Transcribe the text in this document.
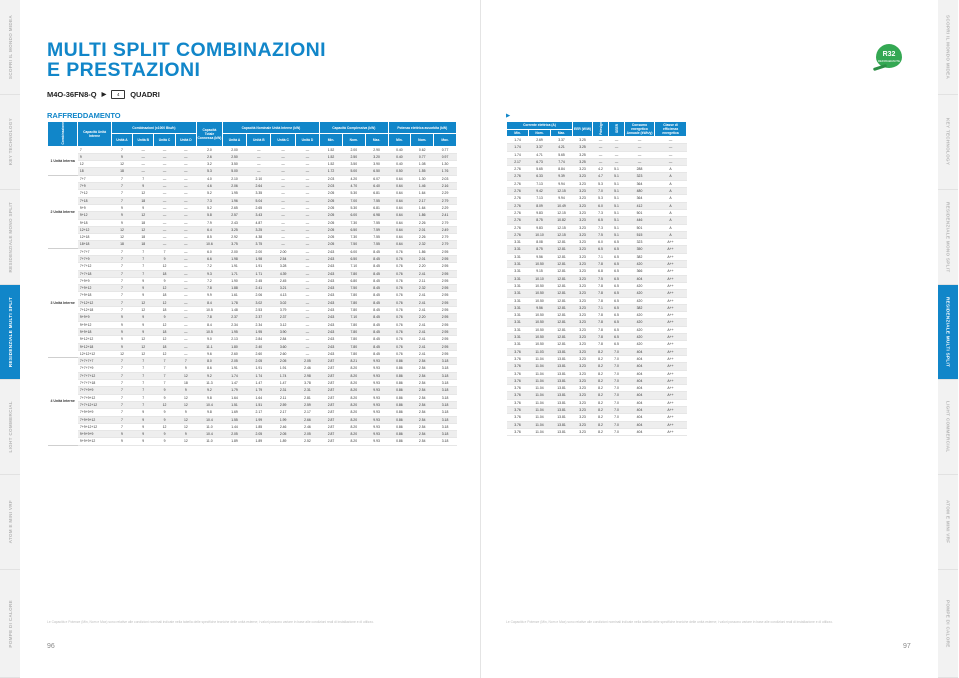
SCOPRI IL MONDO MIDEA
KEY TECHNOLOGY
RESIDENZIALE MONO SPLIT
RESIDENZIALE MULTI SPLIT
LIGHT COMMERCIAL
ATOM E MINI VRF
POMPE DI CALORE
MULTI SPLIT COMBINAZIONI
E PRESTAZIONI
M4O-36FN8-Q ▶	4	QUADRI
RAFFREDDAMENTO
Combinazione	Capacità Unità Interne	Combinazioni (x1000 Btu/h)				Capacità Totale Connessa (kW)	Capacità Nominale Unità Interne (kW)				Capacità Complessiva (kW)			Potenza elettrica assorbita (kW)		
		Unità A	Unità B	Unità C	Unità D		Unità A	Unità B	Unità C	Unità D	Min.	Nom.	Max.	Min.	Nom.	Max.
1 Unità Interna	7	7	—	—	—	2.0	2.00	—	—	—	1.52	2.00	2.90	0.40	0.62	0.77
	9	9	—	—	—	2.6	2.50	—	—	—	1.52	2.50	3.20	0.40	0.77	0.97
	12	12	—	—	—	3.2	3.50	—	—	—	1.52	3.50	3.90	0.40	1.08	1.30
	18	18	—	—	—	5.3	5.00	—	—	—	1.72	5.00	6.50	0.50	1.55	1.76
2 Unità Interne	7+7	7	7	—	—	4.0	2.10	2.10	—	—	2.03	4.20	6.07	0.64	1.30	2.03
	7+9	7	9	—	—	4.6	2.06	2.64	—	—	2.03	4.70	6.40	0.64	1.46	2.16
	7+12	7	12	—	—	5.2	1.95	3.35	—	—	2.05	5.30	6.81	0.64	1.64	2.29
	7+18	7	18	—	—	7.3	1.96	5.04	—	—	2.05	7.00	7.55	0.64	2.17	2.79
	9+9	9	9	—	—	5.2	2.65	2.65	—	—	2.05	5.30	6.81	0.64	1.64	2.29
	9+12	9	12	—	—	5.8	2.57	3.43	—	—	2.05	6.00	6.98	0.64	1.86	2.41
	9+18	9	18	—	—	7.9	2.43	4.87	—	—	2.05	7.30	7.55	0.64	2.26	2.79
	12+12	12	12	—	—	6.4	3.25	3.25	—	—	2.05	6.50	7.59	0.64	2.01	2.49
	12+18	12	18	—	—	8.5	2.92	4.38	—	—	2.05	7.30	7.55	0.64	2.26	2.79
	18+18	18	18	—	—	10.6	3.75	3.75	—	—	2.05	7.50	7.55	0.64	2.32	2.79
3 Unità Interne	7+7+7	7	7	7	—	6.0	2.00	2.00	2.00	—	2.63	6.00	8.45	0.76	1.86	2.95
	7+7+9	7	7	9	—	6.6	1.98	1.98	2.54	—	2.63	6.50	8.45	0.76	2.01	2.95
	7+7+12	7	7	12	—	7.2	1.91	1.91	3.28	—	2.63	7.10	8.45	0.76	2.20	2.95
	7+7+18	7	7	18	—	9.3	1.71	1.71	4.39	—	2.63	7.80	8.45	0.76	2.41	2.95
	7+9+9	7	9	9	—	7.2	1.90	2.45	2.45	—	2.63	6.80	8.45	0.76	2.11	2.95
	7+9+12	7	9	12	—	7.8	1.88	2.41	3.21	—	2.63	7.50	8.45	0.76	2.32	2.95
	7+9+18	7	9	18	—	9.9	1.61	2.06	4.13	—	2.63	7.80	8.45	0.76	2.41	2.95
	7+12+12	7	12	12	—	8.4	1.78	3.02	3.02	—	2.63	7.80	8.45	0.76	2.41	2.95
	7+12+18	7	12	18	—	10.5	1.48	2.53	3.79	—	2.63	7.80	8.45	0.76	2.41	2.95
	9+9+9	9	9	9	—	7.8	2.37	2.37	2.37	—	2.63	7.10	8.45	0.76	2.20	2.95
	9+9+12	9	9	12	—	8.4	2.34	2.34	3.12	—	2.63	7.80	8.45	0.76	2.41	2.95
	9+9+18	9	9	18	—	10.5	1.95	1.95	3.90	—	2.63	7.80	8.45	0.76	2.41	2.95
	9+12+12	9	12	12	—	9.0	2.13	2.84	2.84	—	2.63	7.80	8.45	0.76	2.41	2.95
	9+12+18	9	12	18	—	11.1	1.80	2.40	3.60	—	2.63	7.80	8.45	0.76	2.41	2.95
	12+12+12	12	12	12	—	9.6	2.60	2.60	2.60	—	2.63	7.80	8.45	0.76	2.41	2.95
4 Unità Interne	7+7+7+7	7	7	7	7	8.0	2.05	2.05	2.05	2.05	2.87	8.21	9.93	0.86	2.54	3.18
	7+7+7+9	7	7	7	9	8.6	1.91	1.91	1.91	2.46	2.87	8.20	9.93	0.86	2.54	3.18
	7+7+7+12	7	7	7	12	9.2	1.74	1.74	1.74	2.98	2.87	8.20	9.93	0.86	2.54	3.18
	7+7+7+18	7	7	7	18	11.3	1.47	1.47	1.47	3.78	2.87	8.20	9.93	0.86	2.54	3.18
	7+7+9+9	7	7	9	9	9.2	1.79	1.79	2.31	2.31	2.87	8.20	9.93	0.86	2.54	3.18
	7+7+9+12	7	7	9	12	9.8	1.64	1.64	2.11	2.81	2.87	8.20	9.93	0.86	2.54	3.18
	7+7+12+12	7	7	12	12	10.4	1.51	1.51	2.59	2.59	2.87	8.20	9.93	0.86	2.54	3.18
	7+9+9+9	7	9	9	9	9.8	1.69	2.17	2.17	2.17	2.87	8.20	9.93	0.86	2.54	3.18
	7+9+9+12	7	9	9	12	10.4	1.55	1.99	1.99	2.66	2.87	8.20	9.93	0.86	2.54	3.18
	7+9+12+12	7	9	12	12	11.0	1.44	1.85	2.46	2.46	2.87	8.20	9.93	0.86	2.54	3.18
	9+9+9+9	9	9	9	9	10.4	2.05	2.05	2.05	2.05	2.87	8.20	9.93	0.86	2.54	3.18
	9+9+9+12	9	9	9	12	11.0	1.89	1.89	1.89	2.52	2.87	8.20	9.93	0.86	2.54	3.18
Le Capacità e Potenze (Min, Nom e Max) sono relative alle condizioni nominali indicate nella tabella delle specifiche tecniche delle unità esterne; i valori possono variare in base alle condizioni reali di installazione e di utilizzo.
96
R32
REFRIGERANTE
▶
Corrente elettrica (A)			EER (W/W)	Pdesign	SEER	Consumo energetico Annuale (kWh/y)	Classe di efficienza energetica
Min.	Nom.	Max.					
1.74	2.69	3.37	3.25	—	—	—	—
1.74	3.37	4.21	3.25	—	—	—	—
1.74	4.71	5.65	3.25	—	—	—	—
2.17	6.73	7.74	3.25	—	—	—	—
2.76	5.65	8.84	3.23	4.2	5.1	288	A
2.76	6.33	9.39	3.23	4.7	5.1	323	A
2.76	7.13	9.94	3.23	5.3	5.1	364	A
2.76	9.42	12.15	3.23	7.0	5.1	480	A
2.76	7.13	9.94	3.23	5.3	5.1	364	A
2.76	8.09	10.49	3.23	6.0	5.1	412	A
2.76	9.83	12.15	3.23	7.3	5.1	501	A
2.76	8.75	10.82	3.23	6.5	5.1	446	A
2.76	9.83	12.15	3.23	7.3	5.1	501	A
2.76	10.10	12.15	3.23	7.5	5.1	515	A
3.31	8.08	12.81	3.23	6.0	6.5	323	A++
3.31	8.75	12.81	3.23	6.5	6.5	350	A++
3.31	9.56	12.81	3.23	7.1	6.5	382	A++
3.31	10.50	12.81	3.23	7.8	6.5	420	A++
3.31	9.15	12.81	3.23	6.8	6.5	366	A++
3.31	10.10	12.81	3.23	7.5	6.5	404	A++
3.31	10.50	12.81	3.23	7.8	6.5	420	A++
3.31	10.50	12.81	3.23	7.8	6.5	420	A++
3.31	10.50	12.81	3.23	7.8	6.5	420	A++
3.31	9.56	12.81	3.23	7.1	6.5	382	A++
3.31	10.50	12.81	3.23	7.8	6.5	420	A++
3.31	10.50	12.81	3.23	7.8	6.5	420	A++
3.31	10.50	12.81	3.23	7.8	6.5	420	A++
3.31	10.50	12.81	3.23	7.8	6.5	420	A++
3.31	10.50	12.81	3.23	7.8	6.5	420	A++
3.76	11.03	13.81	3.23	8.2	7.0	404	A++
3.76	11.04	13.81	3.23	8.2	7.0	404	A++
3.76	11.04	13.81	3.23	8.2	7.0	404	A++
3.76	11.04	13.81	3.23	8.2	7.0	404	A++
3.76	11.04	13.81	3.23	8.2	7.0	404	A++
3.76	11.04	13.81	3.23	8.2	7.0	404	A++
3.76	11.04	13.81	3.23	8.2	7.0	404	A++
3.76	11.04	13.81	3.23	8.2	7.0	404	A++
3.76	11.04	13.81	3.23	8.2	7.0	404	A++
3.76	11.04	13.81	3.23	8.2	7.0	404	A++
3.76	11.04	13.81	3.23	8.2	7.0	404	A++
3.76	11.04	13.81	3.23	8.2	7.0	404	A++
Le Capacità e Potenze (Min, Nom e Max) sono relative alle condizioni nominali indicate nella tabella delle specifiche tecniche delle unità esterne; i valori possono variare in base alle condizioni reali di installazione e di utilizzo.
97
SCOPRI IL MONDO MIDEA
KEY TECHNOLOGY
RESIDENZIALE MONO SPLIT
RESIDENZIALE MULTI SPLIT
LIGHT COMMERCIAL
ATOM E MINI VRF
POMPE DI CALORE
